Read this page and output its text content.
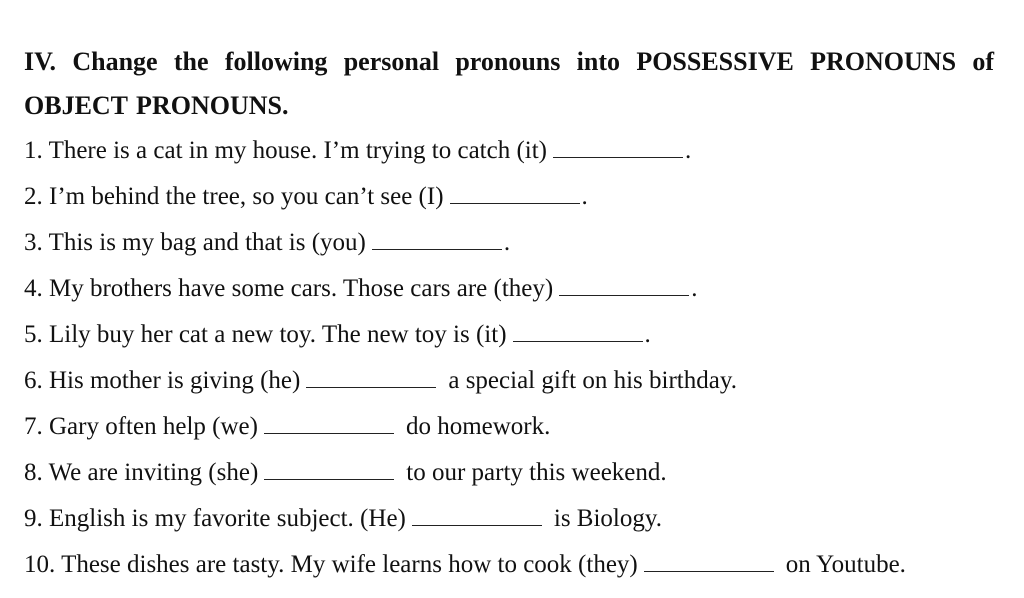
IV. Change the following personal pronouns into POSSESSIVE PRONOUNS of OBJECT PRONOUNS.

1. There is a cat in my house. I’m trying to catch (it)	.
2. I’m behind the tree, so you can’t see (I)	.
3. This is my bag and that is (you)	.
4. My brothers have some cars. Those cars are (they)	.
5. Lily buy her cat a new toy. The new toy is (it)	.
6. His mother is giving (he)	a special gift on his birthday.
7. Gary often help (we)	do homework.
8. We are inviting (she)	to our party this weekend.
9. English is my favorite subject. (He)	is Biology.
10. These dishes are tasty. My wife learns how to cook (they)	on Youtube.
